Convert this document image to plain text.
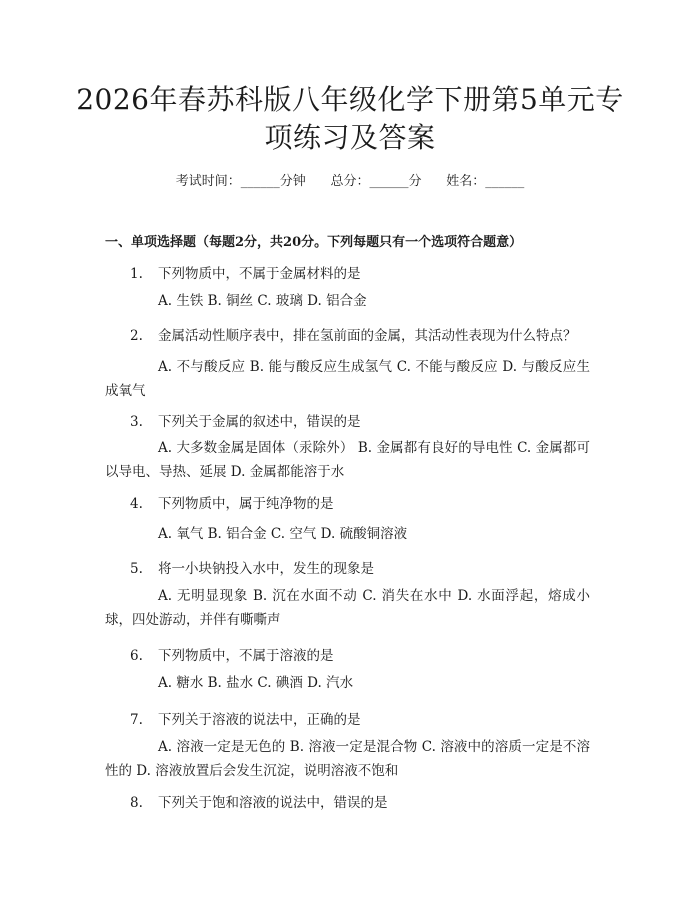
2026年春苏科版八年级化学下册第5单元专
项练习及答案
考试时间：______分钟      总分：______分      姓名：______
一、单项选择题（每题2分，共20分。下列每题只有一个选项符合题意）
1. 下列物质中，不属于金属材料的是
A. 生铁 B. 铜丝 C. 玻璃 D. 铝合金
2. 金属活动性顺序表中，排在氢前面的金属，其活动性表现为什么特点？
A. 不与酸反应 B. 能与酸反应生成氢气 C. 不能与酸反应 D. 与酸反应生成氧气
3. 下列关于金属的叙述中，错误的是
A. 大多数金属是固体（汞除外） B. 金属都有良好的导电性 C. 金属都可以导电、导热、延展 D. 金属都能溶于水
4. 下列物质中，属于纯净物的是
A. 氧气 B. 铝合金 C. 空气 D. 硫酸铜溶液
5. 将一小块钠投入水中，发生的现象是
A. 无明显现象 B. 沉在水面不动 C. 消失在水中 D. 水面浮起，熔成小球，四处游动，并伴有嘶嘶声
6. 下列物质中，不属于溶液的是
A. 糖水 B. 盐水 C. 碘酒 D. 汽水
7. 下列关于溶液的说法中，正确的是
A. 溶液一定是无色的 B. 溶液一定是混合物 C. 溶液中的溶质一定是不溶性的 D. 溶液放置后会发生沉淀，说明溶液不饱和
8. 下列关于饱和溶液的说法中，错误的是
